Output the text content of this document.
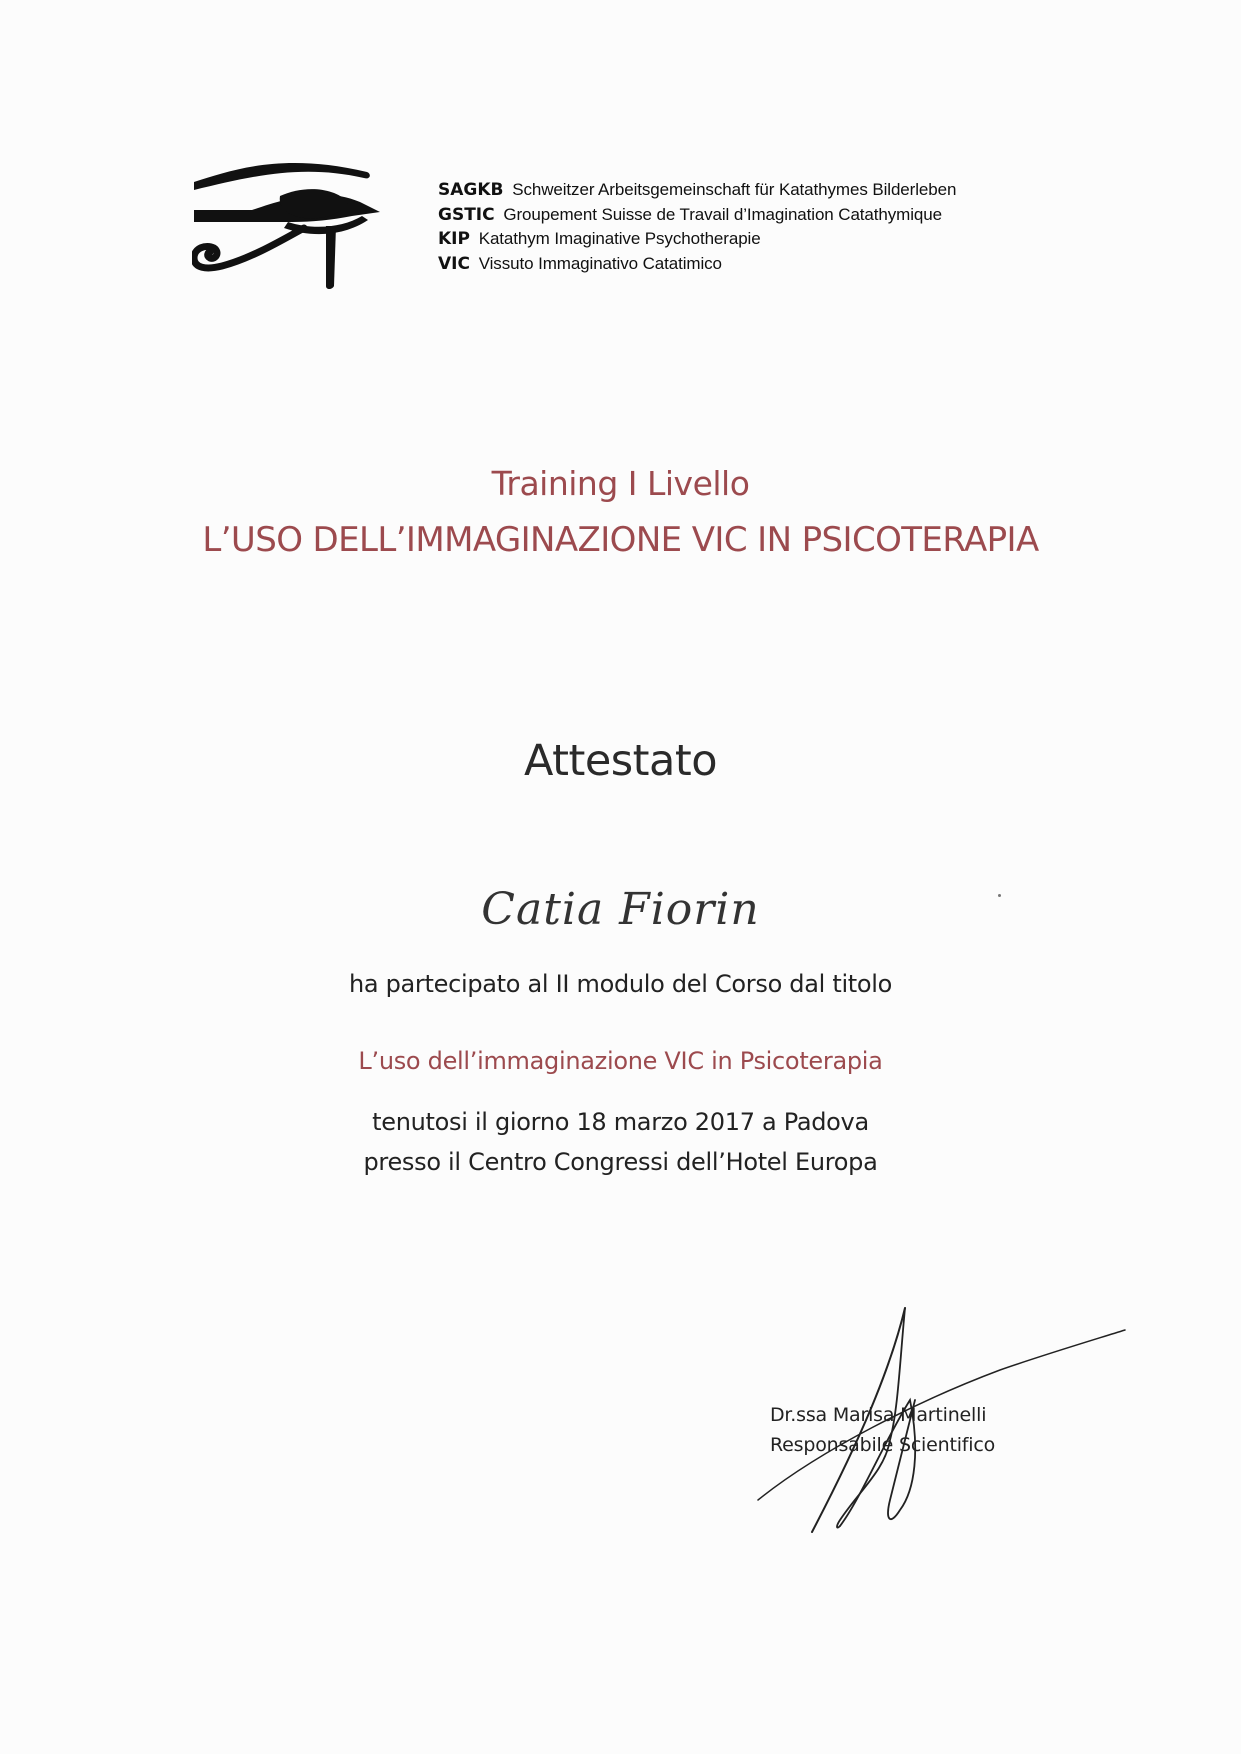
SAGKB Schweitzer Arbeitsgemeinschaft für Katathymes Bilderleben
GSTIC Groupement Suisse de Travail d’Imagination Catathymique
KIP Katathym Imaginative Psychotherapie
VIC Vissuto Immaginativo Catatimico
Training I Livello
L’USO DELL’IMMAGINAZIONE VIC IN PSICOTERAPIA
Attestato
Catia Fiorin
ha partecipato al II modulo del Corso dal titolo
L’uso dell’immaginazione VIC in Psicoterapia
tenutosi il giorno 18 marzo 2017 a Padova
presso il Centro Congressi dell’Hotel Europa
Dr.ssa Marisa Martinelli
Responsabile Scientifico
